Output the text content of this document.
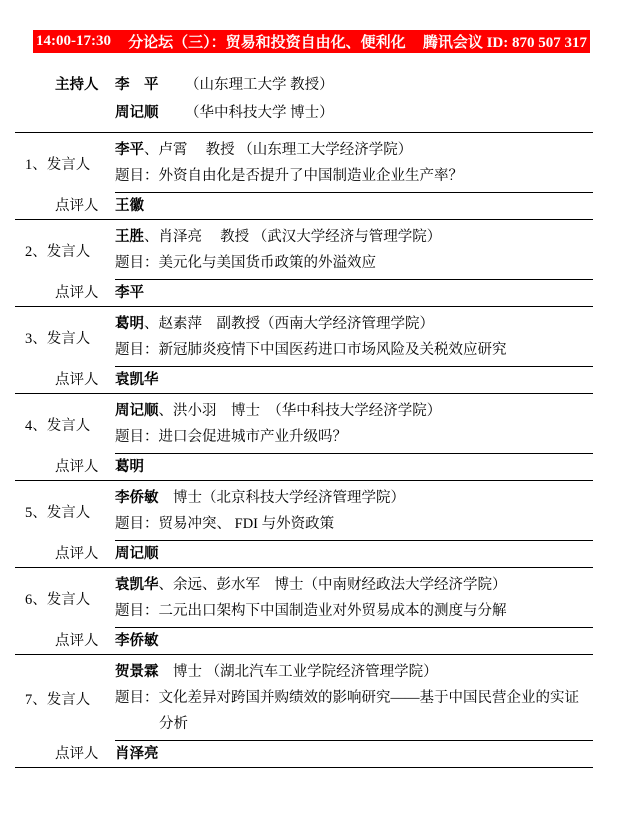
14:00-17:30 分论坛（三）：贸易和投资自由化、便利化 腾讯会议 ID: 870 507 317
主持人	李　平	（山东理工大学 教授）
周记顺	（华中科技大学 博士）
1、发言人
李平、卢霄　 教授 （山东理工大学经济学院）
题目：外资自由化是否提升了中国制造业企业生产率？
点评人	王徽
2、发言人
王胜、肖泽亮　 教授 （武汉大学经济与管理学院）
题目：美元化与美国货币政策的外溢效应
点评人	李平
3、发言人
葛明、赵素萍　副教授（西南大学经济管理学院）
题目：新冠肺炎疫情下中国医药进口市场风险及关税效应研究
点评人	袁凯华
4、发言人
周记顺、洪小羽　博士　（华中科技大学经济学院）
题目：进口会促进城市产业升级吗？
点评人	葛明
5、发言人
李侨敏　博士（北京科技大学经济管理学院）
题目：贸易冲突、 FDI 与外资政策
点评人	周记顺
6、发言人
袁凯华、余远、彭水军　博士（中南财经政法大学经济学院）
题目：二元出口架构下中国制造业对外贸易成本的测度与分解
点评人	李侨敏
7、发言人
贺景霖　博士 （湖北汽车工业学院经济管理学院）
题目：文化差异对跨国并购绩效的影响研究——基于中国民营企业的实证分析
点评人	肖泽亮
